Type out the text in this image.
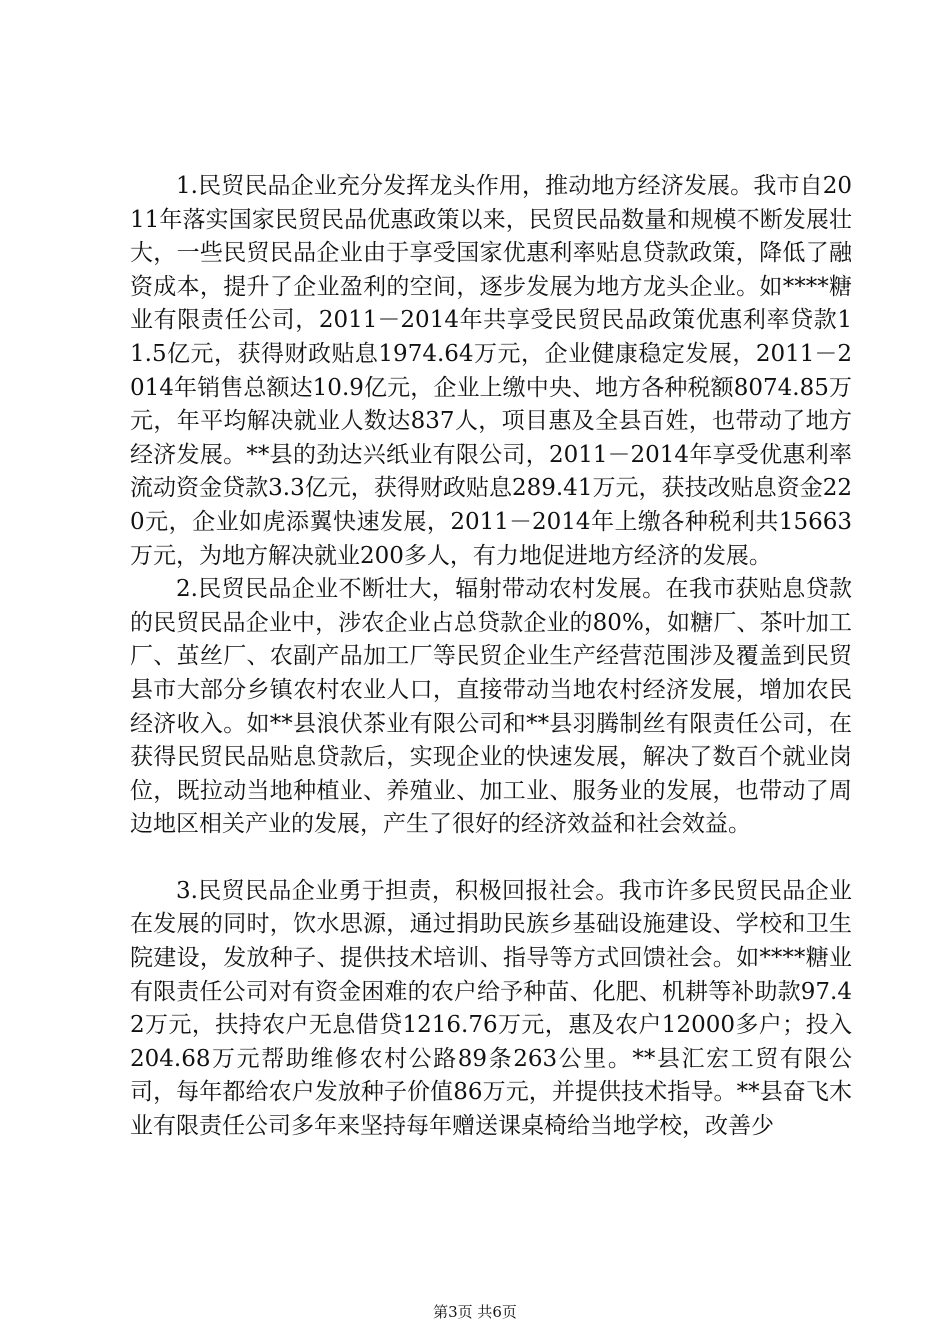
1.民贸民品企业充分发挥龙头作用，推动地方经济发展。我市自2011年落实国家民贸民品优惠政策以来，民贸民品数量和规模不断发展壮大，一些民贸民品企业由于享受国家优惠利率贴息贷款政策，降低了融资成本，提升了企业盈利的空间，逐步发展为地方龙头企业。如****糖业有限责任公司，2011－2014年共享受民贸民品政策优惠利率贷款11.5亿元，获得财政贴息1974.64万元，企业健康稳定发展，2011－2014年销售总额达10.9亿元，企业上缴中央、地方各种税额8074.85万元，年平均解决就业人数达837人，项目惠及全县百姓，也带动了地方经济发展。**县的劲达兴纸业有限公司，2011－2014年享受优惠利率流动资金贷款3.3亿元，获得财政贴息289.41万元，获技改贴息资金220元，企业如虎添翼快速发展，2011－2014年上缴各种税利共15663万元，为地方解决就业200多人，有力地促进地方经济的发展。

2.民贸民品企业不断壮大，辐射带动农村发展。在我市获贴息贷款的民贸民品企业中，涉农企业占总贷款企业的80%，如糖厂、茶叶加工厂、茧丝厂、农副产品加工厂等民贸企业生产经营范围涉及覆盖到民贸县市大部分乡镇农村农业人口，直接带动当地农村经济发展，增加农民经济收入。如**县浪伏茶业有限公司和**县羽腾制丝有限责任公司，在获得民贸民品贴息贷款后，实现企业的快速发展，解决了数百个就业岗位，既拉动当地种植业、养殖业、加工业、服务业的发展，也带动了周边地区相关产业的发展，产生了很好的经济效益和社会效益。

3.民贸民品企业勇于担责，积极回报社会。我市许多民贸民品企业在发展的同时，饮水思源，通过捐助民族乡基础设施建设、学校和卫生院建设，发放种子、提供技术培训、指导等方式回馈社会。如****糖业有限责任公司对有资金困难的农户给予种苗、化肥、机耕等补助款97.42万元，扶持农户无息借贷1216.76万元，惠及农户12000多户；投入204.68万元帮助维修农村公路89条263公里。**县汇宏工贸有限公司，每年都给农户发放种子价值86万元，并提供技术指导。**县奋飞木业有限责任公司多年来坚持每年赠送课桌椅给当地学校，改善少

第3页 共6页
